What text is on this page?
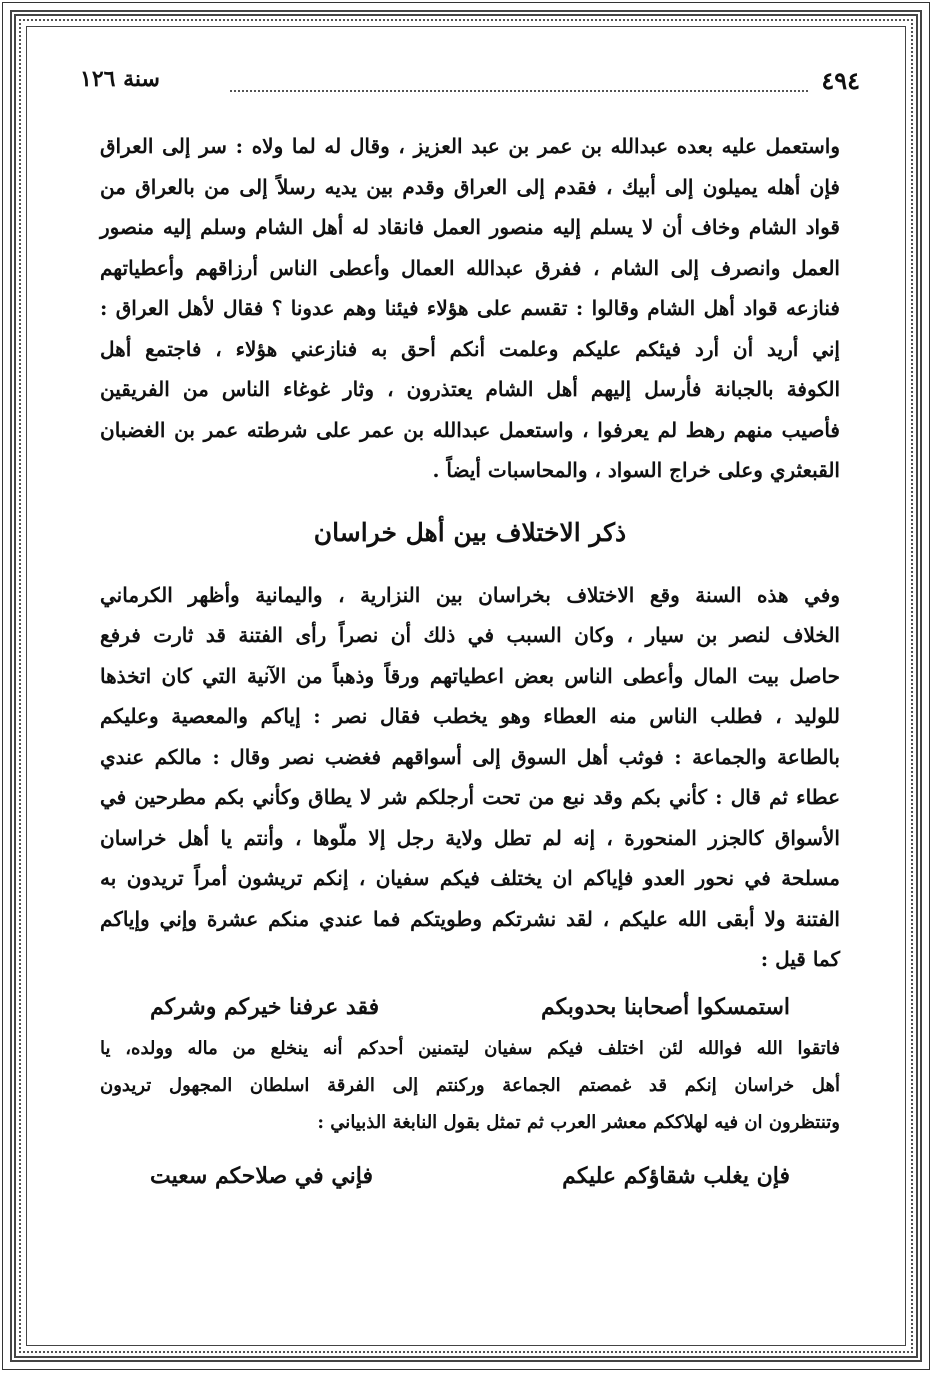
٤٩٤
سنة ١٢٦

واستعمل عليه بعده عبدالله بن عمر بن عبد العزيز ، وقال له لما ولاه : سر إلى العراق

فإن أهله يميلون إلى أبيك ، فقدم إلى العراق وقدم بين يديه رسلاً إلى من بالعراق من

قواد الشام وخاف أن لا يسلم إليه منصور العمل فانقاد له أهل الشام وسلم إليه منصور

العمل وانصرف إلى الشام ، ففرق عبدالله العمال وأعطى الناس أرزاقهم وأعطياتهم

فنازعه قواد أهل الشام وقالوا : تقسم على هؤلاء فيئنا وهم عدونا ؟ فقال لأهل العراق :

إني أريد أن أرد فيئكم عليكم وعلمت أنكم أحق به فنازعني هؤلاء ، فاجتمع أهل

الكوفة بالجبانة فأرسل إليهم أهل الشام يعتذرون ، وثار غوغاء الناس من الفريقين

فأصيب منهم رهط لم يعرفوا ، واستعمل عبدالله بن عمر على شرطته عمر بن الغضبان

القبعثري وعلى خراج السواد ، والمحاسبات أيضاً .

ذكر الاختلاف بين أهل خراسان

وفي هذه السنة وقع الاختلاف بخراسان بين النزارية ، واليمانية وأظهر الكرماني

الخلاف لنصر بن سيار ، وكان السبب في ذلك أن نصراً رأى الفتنة قد ثارت فرفع

حاصل بيت المال وأعطى الناس بعض اعطياتهم ورقاً وذهباً من الآنية التي كان اتخذها

للوليد ، فطلب الناس منه العطاء وهو يخطب فقال نصر : إياكم والمعصية وعليكم

بالطاعة والجماعة : فوثب أهل السوق إلى أسواقهم فغضب نصر وقال : مالكم عندي

عطاء ثم قال : كأني بكم وقد نبع من تحت أرجلكم شر لا يطاق وكأني بكم مطرحين في

الأسواق كالجزر المنحورة ، إنه لم تطل ولاية رجل إلا ملّوها ، وأنتم يا أهل خراسان

مسلحة في نحور العدو فإياكم ان يختلف فيكم سفيان ، إنكم تريشون أمراً تريدون به

الفتنة ولا أبقى الله عليكم ، لقد نشرتكم وطويتكم فما عندي منكم عشرة وإني وإياكم

كما قيل :

استمسكوا أصحابنا بحدوبكم
فقد عرفنا خيركم وشركم

فاتقوا الله فوالله لئن اختلف فيكم سفيان ليتمنين أحدكم أنه ينخلع من ماله وولده، يا

أهل خراسان إنكم قد غمصتم الجماعة وركنتم إلى الفرقة اسلطان المجهول تريدون

وتنتظرون ان فيه لهلاككم معشر العرب ثم تمثل بقول النابغة الذبياني :

فإن يغلب شقاؤكم عليكم
فإني في صلاحكم سعيت
